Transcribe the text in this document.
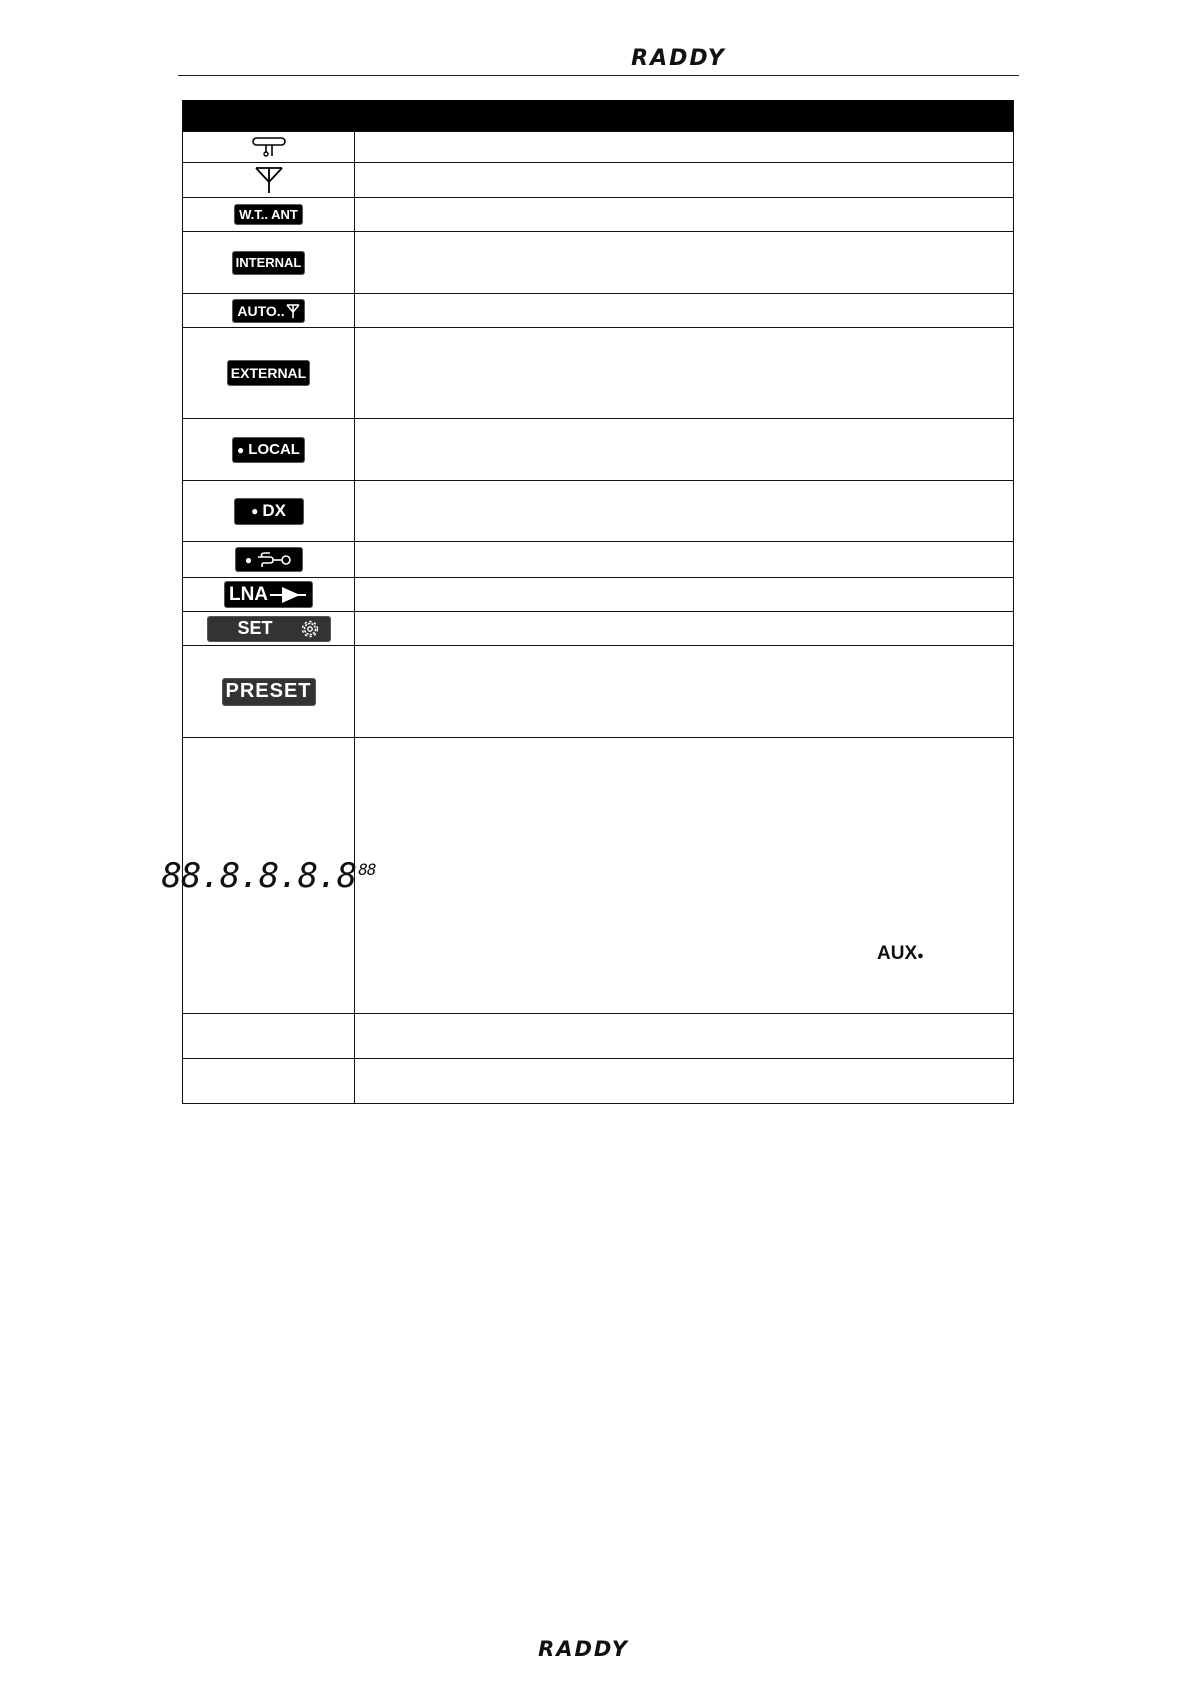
RADDY
W.T.. ANT
INTERNAL
AUTO..
EXTERNAL
● LOCAL
● DX
●
LNA
SET
PRESET
88.8.8.8.8 88
AUX●
RADDY
